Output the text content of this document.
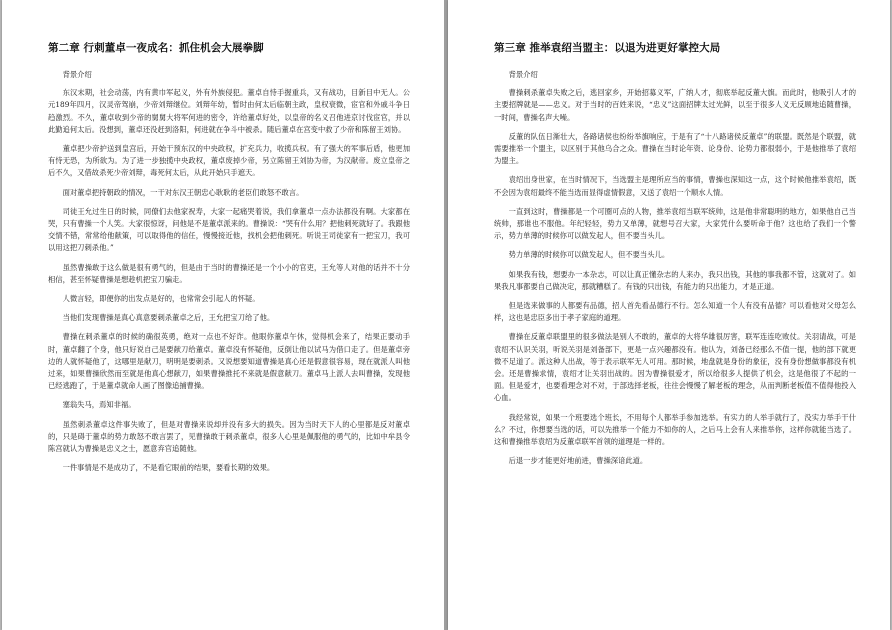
第二章 行刺董卓一夜成名：抓住机会大展拳脚

背景介绍

东汉末期，社会动荡，内有黄巾军起义，外有外族侵犯。董卓自恃手握重兵，又有战功，目新目中无人。公元189年四月，汉灵帝驾崩，少帝刘辩继位。刘辩年幼，暂时由何太后临朝主政，皇权衰微，宦官和外戚斗争日趋激烈。不久，董卓收到少帝的舅舅大将军何进的密令，许给董卓好处，以皇帝的名义召他进京讨伐宦官，并以此勤追何太后。没想到，董卓还没赶到洛阳，何进就在争斗中被杀。随后董卓在宫变中救了少帝和陈留王刘协。

董卓把少帝护送到皇宫后，开始干预东汉的中央政权，扩充兵力，收揽兵权。有了强大的军事后盾，他更加有恃无恐，为所欲为。为了进一步独揽中央政权，董卓废掉少帝，另立陈留王刘协为帝，为汉献帝。废立皇帝之后不久，又借故杀死少帝刘辩，毒死何太后，从此开始只手遮天。

面对董卓把持朝政的情况，一干对东汉王朝忠心耿耿的老臣们敢怒不敢言。

司徒王允过生日的时候，同僚们去他家祝寿，大家一起痛哭着说，我们拿董卓一点办法都没有啊。大家都在哭，只有曹操一个人笑。大家很惊讶，问他是不是董卓派来的。曹操说：“哭有什么用？把他刺死就好了。我跟他交情不错，常常给他献策，可以取得他的信任，慢慢接近他，找机会把他刺死。听说王司徒家有一把宝刀，我可以用这把刀刺杀他。”

虽然曹操敢于这么做是很有勇气的，但是由于当时的曹操还是一个小小的官吏，王允等人对他的话并不十分相信，甚至怀疑曹操是想趁机把宝刀骗走。

人微言轻，即便你的出发点是好的，也常常会引起人的怀疑。

当他们发现曹操是真心真意要刺杀董卓之后，王允把宝刀给了他。

曹操在刺杀董卓的时候的确很英勇，绝对一点也不好诈。他眼你董卓午休，觉得机会来了，结果正要动手时，董卓翻了个身，他只好说自己是要献刀给董卓。董卓没有怀疑他，反倒让他以试马为借口走了。但是董卓旁边的人就怀疑他了，这哪里是献刀，明明是要刺杀。又说想要知道曹操是真心还是假意很容易，现在就派人叫他过来，如果曹操欣然而至就是他真心想献刀，如果曹操推托不来就是假意献刀。董卓马上派人去叫曹操，发现他已经逃跑了，于是董卓就命人画了图像追捕曹操。

塞翁失马，焉知非福。

虽然刺杀董卓这件事失败了，但是对曹操来说却并没有多大的损失。因为当时天下人的心里都是反对董卓的，只是碍于董卓的势力敢怒不敢言罢了，见曹操敢于刺杀董卓，很多人心里是佩服他的勇气的，比如中牟县令陈宫就认为曹操是忠义之士，愿意弃官追随他。

一件事情是不是成功了，不是看它眼前的结果，要看长期的效果。

第三章 推举袁绍当盟主：以退为进更好掌控大局

背景介绍

曹操刺杀董卓失败之后，逃回家乡，开始招募义军，广纳人才，彻底举起反董大旗。而此时，他吸引人才的主要招牌就是——忠义。对于当时的百姓来说，“忠义”这面招牌太过光鲜，以至于很多人义无反顾地追随曹操，一时间，曹操名声大噪。

反董的队伍日渐壮大，各路诸侯也纷纷举旗响应，于是有了“十八路诸侯反董卓”的联盟。既然是个联盟，就需要推举一个盟主，以区别于其他乌合之众。曹操在当时论年资、论身份、论势力都很弱小，于是他推举了袁绍为盟主。

袁绍出身世家，在当时情况下，当选盟主是理所应当的事情，曹操也深知这一点，这个时候他推举袁绍，既不会因为袁绍最终不能当选而显得虚情假意，又送了袁绍一个顺水人情。

一直到这时，曹操都是一个可圈可点的人物，推举袁绍当联军统帅，这是他非常聪明的地方，如果他自己当统帅，那谁也不服他。年纪轻轻，势力又单薄，就想号召大家，大家凭什么要听命于他？这也给了我们一个警示，势力单薄的时候你可以做发起人，但不要当头儿。

势力单薄的时候你可以做发起人，但不要当头儿。

如果我有钱，想要办一本杂志，可以让真正懂杂志的人来办，我只出钱，其他的事我都不管，这就对了。如果我凡事都要自己做决定，那就糟糕了。有钱的只出钱，有能力的只出能力，才是正道。

但是选来做事的人都要有品德，招人首先看品德行不行。怎么知道一个人有没有品德？可以看他对父母怎么样，这也是忠臣多出于孝子家庭的道理。

曹操在反董卓联盟里的很多做法是别人不敢的，董卓的大将华雄很厉害，联军连连吃败仗。关羽请战，可是袁绍不认识关羽，听说关羽是刘备部下，更是一点兴趣都没有。他认为，刘备已经那么不值一提，他的部下就更微不足道了。派这种人出战，等于表示联军无人可用。那时候，地盘就是身份的象征，没有身份想做事都没有机会。还是曹操求情，袁绍才让关羽出战的。因为曹操很爱才，所以给很多人提供了机会，这是他很了不起的一面。但是爱才，也要看理念对不对，于部选择老板，往往会慢慢了解老板的理念，从而判断老板值不值得他投入心血。

我经常说，如果一个班要选个班长，不用每个人都举手参加选举。有实力的人举手就行了，没实力举手干什么？不过，你想要当选的话，可以先推举一个能力不如你的人，之后马上会有人来推举你，这样你就能当选了。这和曹操推举袁绍为反董卓联军首领的道理是一样的。

后退一步才能更好地前进，曹操深谙此道。
